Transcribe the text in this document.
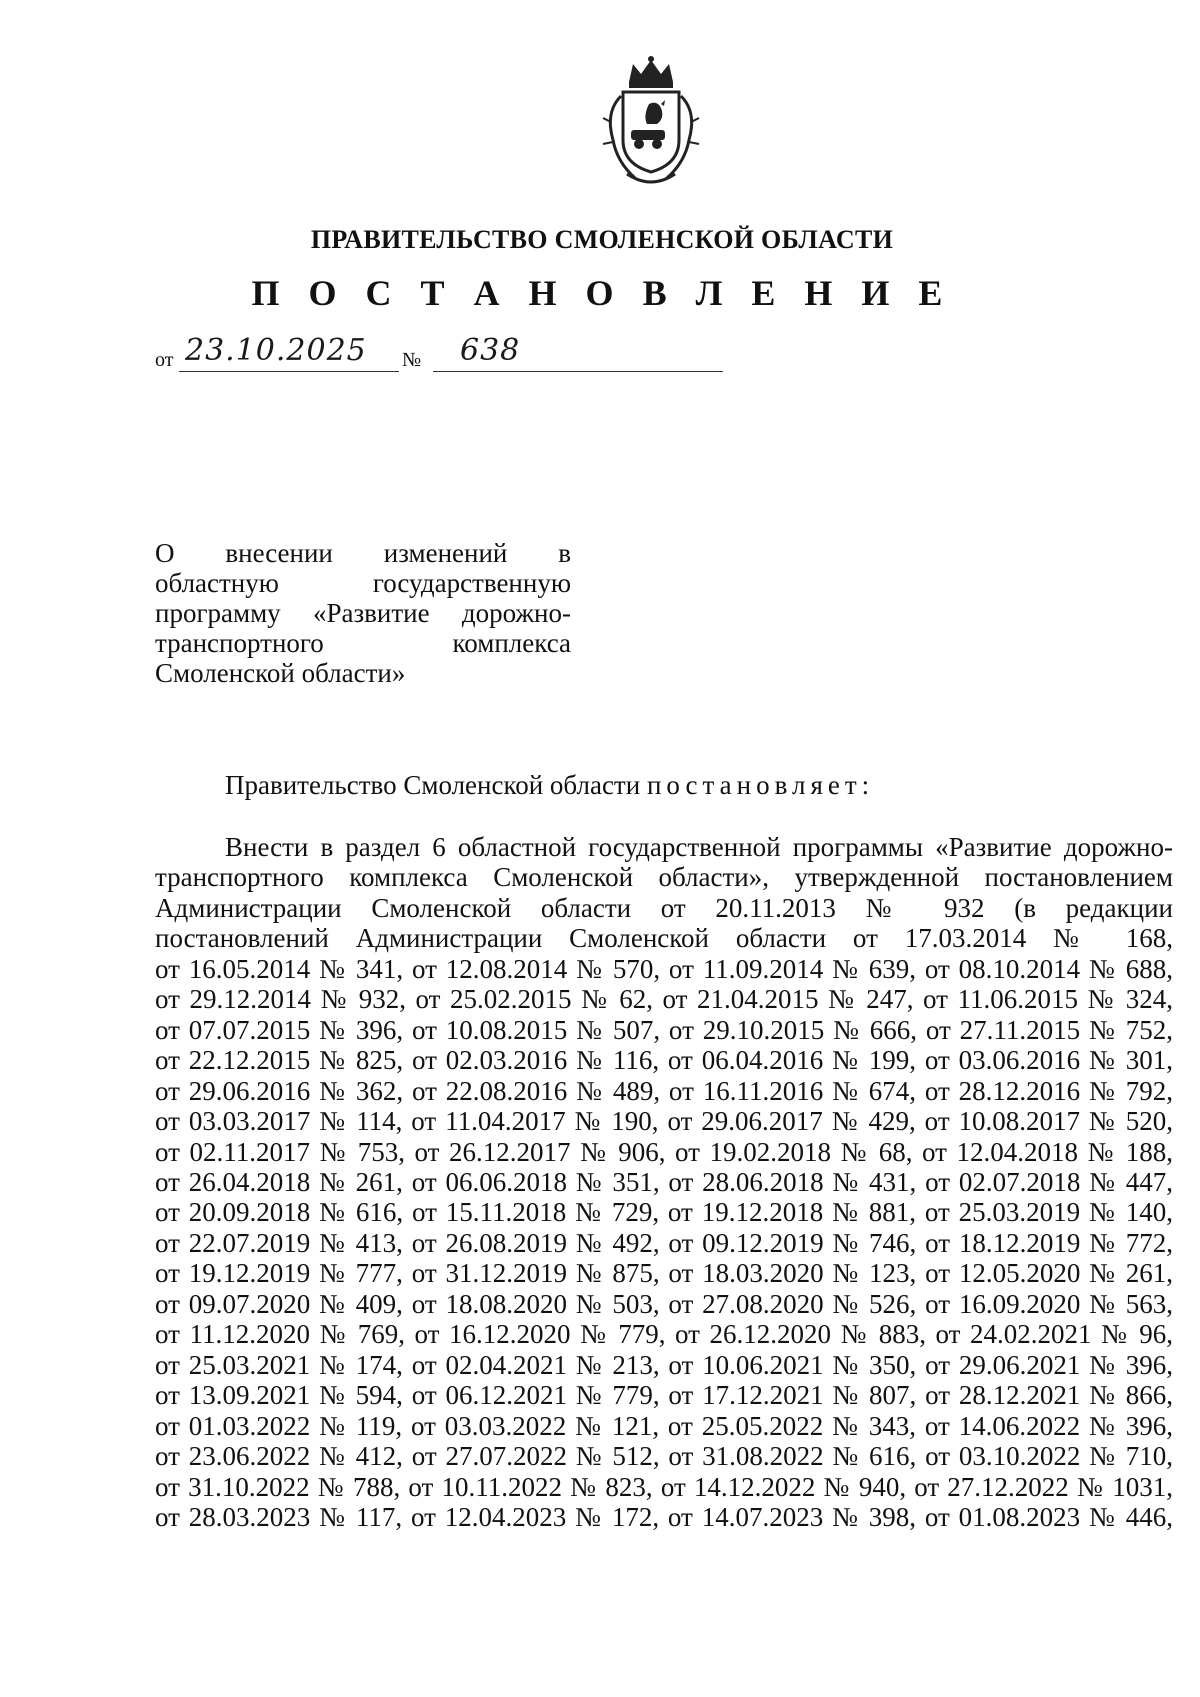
ПРАВИТЕЛЬСТВО СМОЛЕНСКОЙ ОБЛАСТИ
П О С Т А Н О В Л Е Н И Е
от 23.10.2025 № 638
О внесении изменений в
областную государственную
программу «Развитие дорожно-
транспортного комплекса
Смоленской области»
Правительство Смоленской области постановляет:
Внести в раздел 6 областной государственной программы «Развитие дорожно-
транспортного комплекса Смоленской области», утвержденной постановлением
Администрации Смоленской области от 20.11.2013 № 932 (в редакции
постановлений Администрации Смоленской области от 17.03.2014 № 168,
от 16.05.2014 № 341, от 12.08.2014 № 570, от 11.09.2014 № 639, от 08.10.2014 № 688,
от 29.12.2014 № 932, от 25.02.2015 № 62, от 21.04.2015 № 247, от 11.06.2015 № 324,
от 07.07.2015 № 396, от 10.08.2015 № 507, от 29.10.2015 № 666, от 27.11.2015 № 752,
от 22.12.2015 № 825, от 02.03.2016 № 116, от 06.04.2016 № 199, от 03.06.2016 № 301,
от 29.06.2016 № 362, от 22.08.2016 № 489, от 16.11.2016 № 674, от 28.12.2016 № 792,
от 03.03.2017 № 114, от 11.04.2017 № 190, от 29.06.2017 № 429, от 10.08.2017 № 520,
от 02.11.2017 № 753, от 26.12.2017 № 906, от 19.02.2018 № 68, от 12.04.2018 № 188,
от 26.04.2018 № 261, от 06.06.2018 № 351, от 28.06.2018 № 431, от 02.07.2018 № 447,
от 20.09.2018 № 616, от 15.11.2018 № 729, от 19.12.2018 № 881, от 25.03.2019 № 140,
от 22.07.2019 № 413, от 26.08.2019 № 492, от 09.12.2019 № 746, от 18.12.2019 № 772,
от 19.12.2019 № 777, от 31.12.2019 № 875, от 18.03.2020 № 123, от 12.05.2020 № 261,
от 09.07.2020 № 409, от 18.08.2020 № 503, от 27.08.2020 № 526, от 16.09.2020 № 563,
от 11.12.2020 № 769, от 16.12.2020 № 779, от 26.12.2020 № 883, от 24.02.2021 № 96,
от 25.03.2021 № 174, от 02.04.2021 № 213, от 10.06.2021 № 350, от 29.06.2021 № 396,
от 13.09.2021 № 594, от 06.12.2021 № 779, от 17.12.2021 № 807, от 28.12.2021 № 866,
от 01.03.2022 № 119, от 03.03.2022 № 121, от 25.05.2022 № 343, от 14.06.2022 № 396,
от 23.06.2022 № 412, от 27.07.2022 № 512, от 31.08.2022 № 616, от 03.10.2022 № 710,
от 31.10.2022 № 788, от 10.11.2022 № 823, от 14.12.2022 № 940, от 27.12.2022 № 1031,
от 28.03.2023 № 117, от 12.04.2023 № 172, от 14.07.2023 № 398, от 01.08.2023 № 446,
